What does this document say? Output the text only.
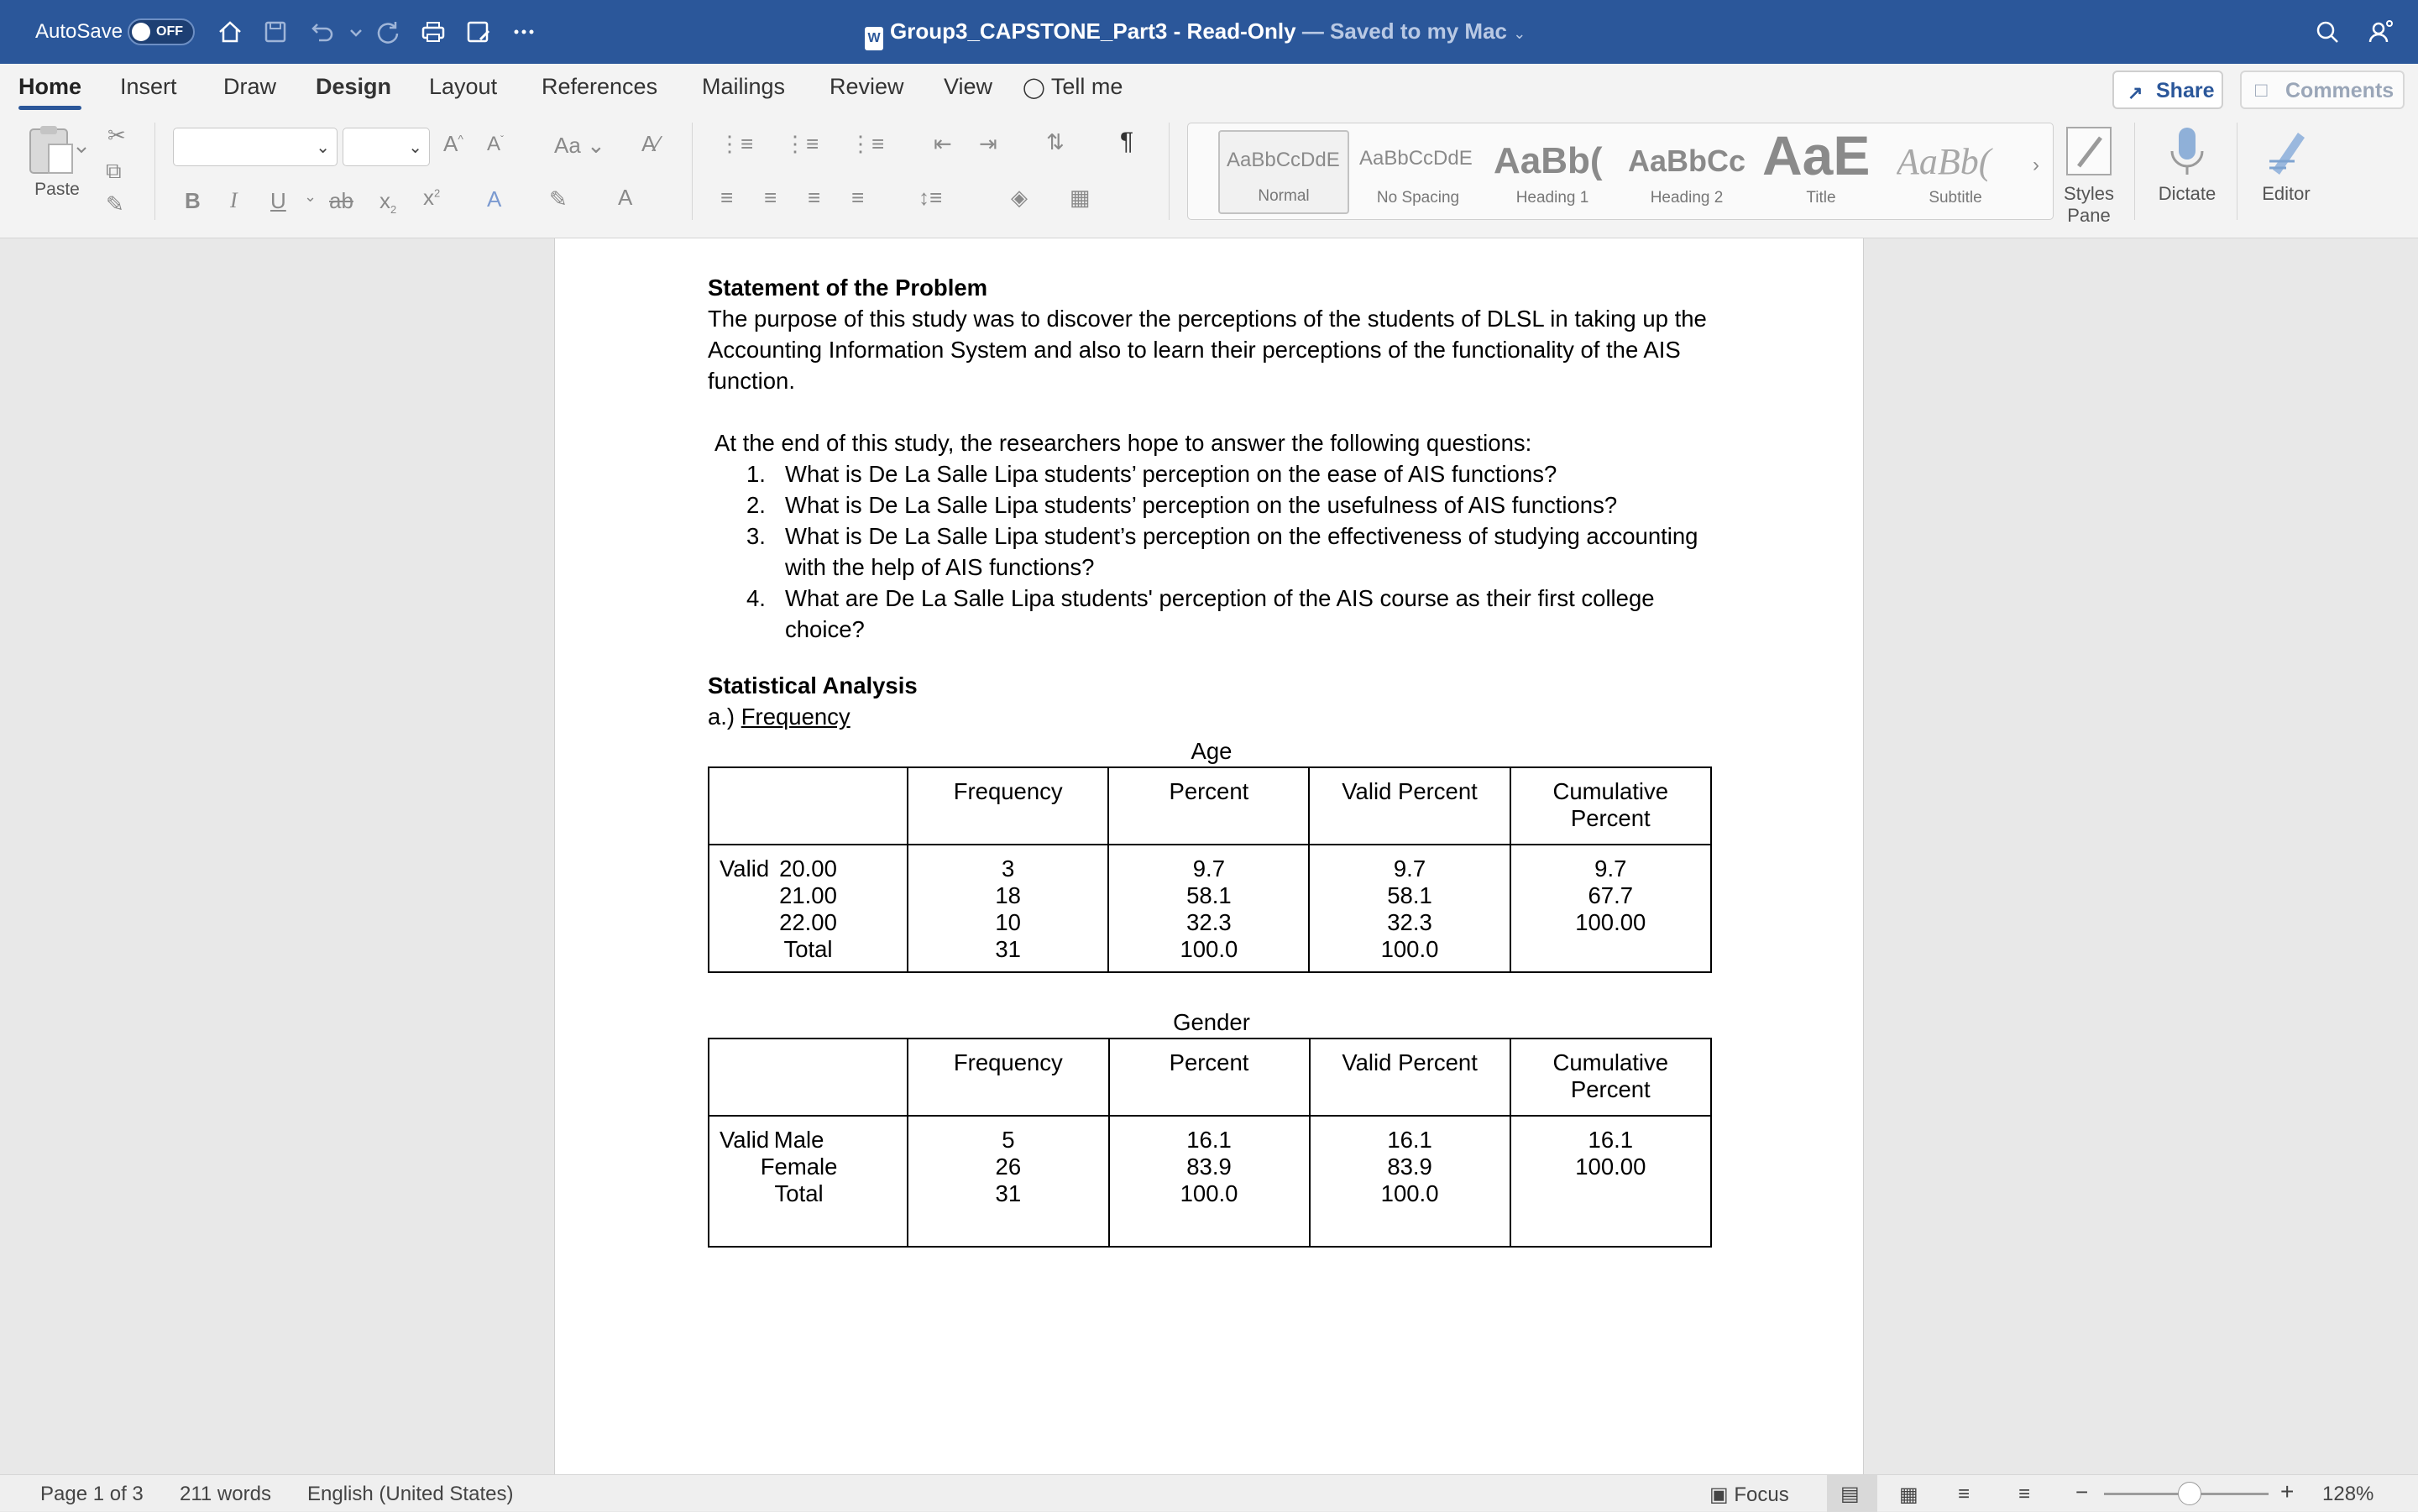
AutoSave OFF	W Group3_CAPSTONE_Part3 - Read-Only — Saved to my Mac ⌄
Home Insert Draw Design Layout References Mailings Review View ◯ Tell me	↗ Share	□ Comments
Paste
✂
⧉
✎
⌄	⌄ A^ $A^ˇ$ Aa ⌄ A∕
B I U ⌄ ab $x_2$ $x^2$ A ✎ A
⋮≡ ⋮≡ ⋮≡ ⇤ ⇥ ⇅ ¶
≡ ≡ ≡ ≡ ↕≡	◈ ▦
AaBbCcDdE
Normal
AaBbCcDdE
No Spacing
AaBb(
Heading 1
AaBbCc
Heading 2
AaE
Title
AaBb(
Subtitle
›
Styles Pane
Dictate	Editor

Statement of the Problem

The purpose of this study was to discover the perceptions of the students of DLSL in taking up the Accounting Information System and also to learn their perceptions of the functionality of the AIS function.

At the end of this study, the researchers hope to answer the following questions:

1. What is De La Salle Lipa students’ perception on the ease of AIS functions?
2. What is De La Salle Lipa students’ perception on the usefulness of AIS functions?
3. What is De La Salle Lipa student’s perception on the effectiveness of studying accounting with the help of AIS functions?
4. What are De La Salle Lipa students' perception of the AIS course as their first college choice?

Statistical Analysis

a.) Frequency

Age
	Frequency	Percent	Valid Percent	Cumulative Percent

Valid 20.00
21.00
22.00
Total	3
18
10
31	9.7
58.1
32.3
100.0	9.7
58.1
32.3
100.0	9.7
67.7
100.00
Gender
	Frequency	Percent	Valid Percent	Cumulative Percent

Valid Male
Female
Total	5
26
31	16.1
83.9
100.0	16.1
83.9
100.0	16.1
100.00
Page 1 of 3 211 words English (United States)	▣ Focus	▤ ▦ ≡ ≡ −	+ 128%
